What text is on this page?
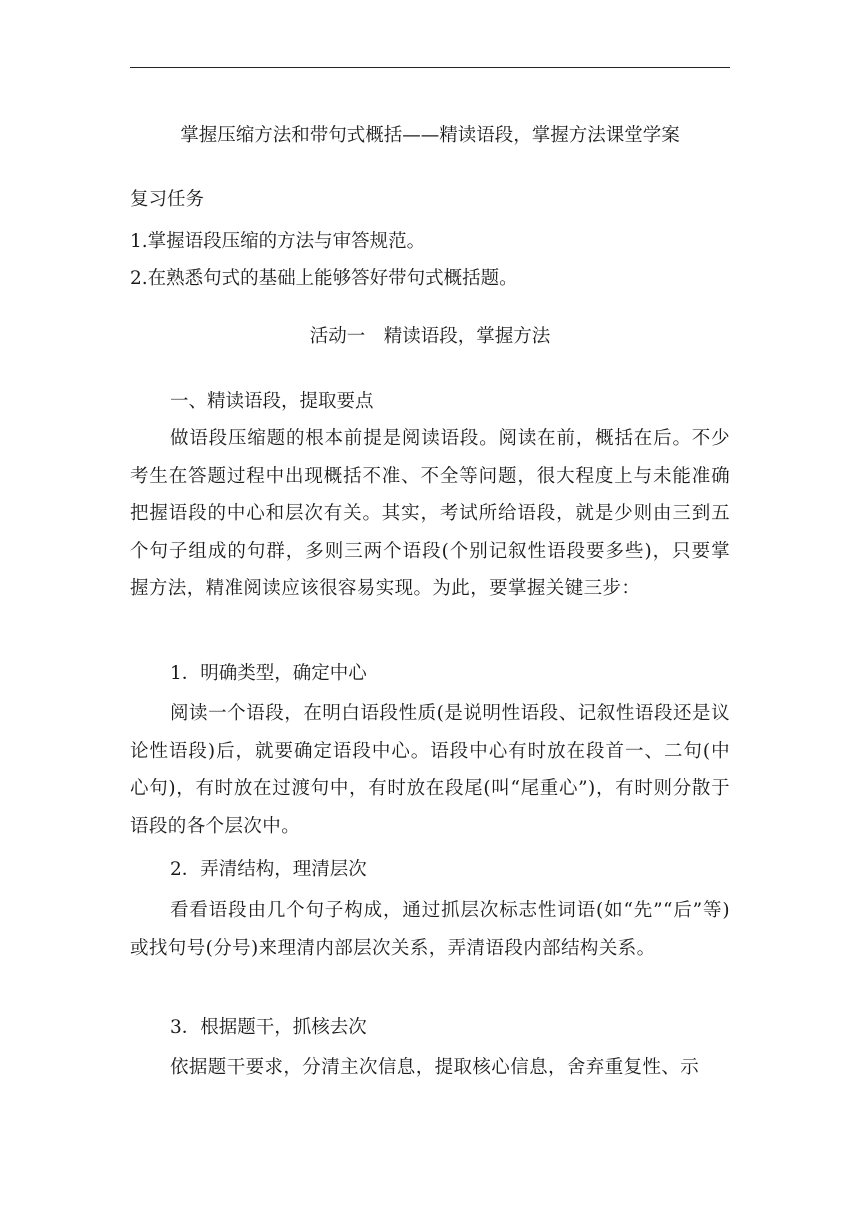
掌握压缩方法和带句式概括——精读语段，掌握方法课堂学案
复习任务
1.掌握语段压缩的方法与审答规范。
2.在熟悉句式的基础上能够答好带句式概括题。
活动一　精读语段，掌握方法
一、精读语段，提取要点

做语段压缩题的根本前提是阅读语段。阅读在前，概括在后。不少考生在答题过程中出现概括不准、不全等问题，很大程度上与未能准确把握语段的中心和层次有关。其实，考试所给语段，就是少则由三到五个句子组成的句群，多则三两个语段(个别记叙性语段要多些)，只要掌握方法，精准阅读应该很容易实现。为此，要掌握关键三步：

1．明确类型，确定中心

阅读一个语段，在明白语段性质(是说明性语段、记叙性语段还是议论性语段)后，就要确定语段中心。语段中心有时放在段首一、二句(中心句)，有时放在过渡句中，有时放在段尾(叫“尾重心”)，有时则分散于语段的各个层次中。

2．弄清结构，理清层次

看看语段由几个句子构成，通过抓层次标志性词语(如“先”“后”等)或找句号(分号)来理清内部层次关系，弄清语段内部结构关系。

3．根据题干，抓核去次

依据题干要求，分清主次信息，提取核心信息，舍弃重复性、示
